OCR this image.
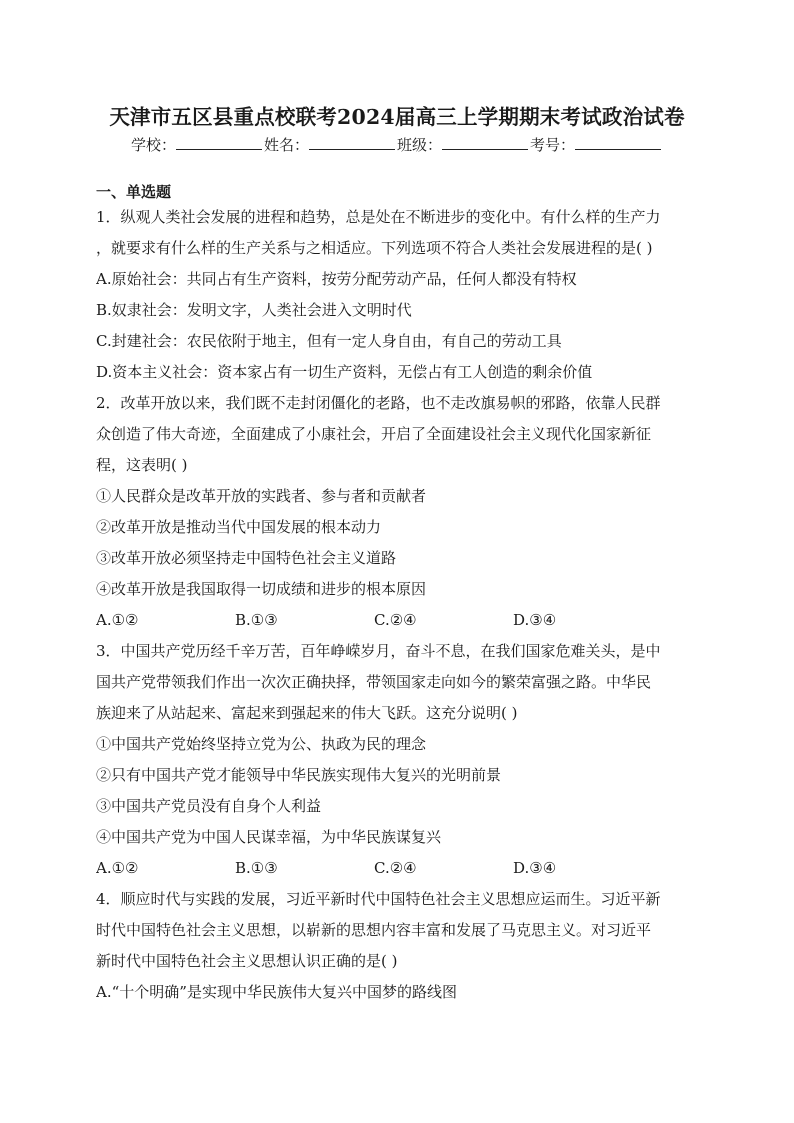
天津市五区县重点校联考2024届高三上学期期末考试政治试卷
学校：	姓名：	班级：	考号：
一、单选题
1．纵观人类社会发展的进程和趋势，总是处在不断进步的变化中。有什么样的生产力
，就要求有什么样的生产关系与之相适应。下列选项不符合人类社会发展进程的是( )
A.原始社会：共同占有生产资料，按劳分配劳动产品，任何人都没有特权
B.奴隶社会：发明文字，人类社会进入文明时代
C.封建社会：农民依附于地主，但有一定人身自由，有自己的劳动工具
D.资本主义社会：资本家占有一切生产资料，无偿占有工人创造的剩余价值
2．改革开放以来，我们既不走封闭僵化的老路，也不走改旗易帜的邪路，依靠人民群
众创造了伟大奇迹，全面建成了小康社会，开启了全面建设社会主义现代化国家新征
程，这表明( )
①人民群众是改革开放的实践者、参与者和贡献者
②改革开放是推动当代中国发展的根本动力
③改革开放必须坚持走中国特色社会主义道路
④改革开放是我国取得一切成绩和进步的根本原因
A.①②	B.①③	C.②④	D.③④
3．中国共产党历经千辛万苦，百年峥嵘岁月，奋斗不息，在我们国家危难关头，是中
国共产党带领我们作出一次次正确抉择，带领国家走向如今的繁荣富强之路。中华民
族迎来了从站起来、富起来到强起来的伟大飞跃。这充分说明( )
①中国共产党始终坚持立党为公、执政为民的理念
②只有中国共产党才能领导中华民族实现伟大复兴的光明前景
③中国共产党员没有自身个人利益
④中国共产党为中国人民谋幸福，为中华民族谋复兴
A.①②	B.①③	C.②④	D.③④
4．顺应时代与实践的发展，习近平新时代中国特色社会主义思想应运而生。习近平新
时代中国特色社会主义思想，以崭新的思想内容丰富和发展了马克思主义。对习近平
新时代中国特色社会主义思想认识正确的是( )
A.“十个明确”是实现中华民族伟大复兴中国梦的路线图
